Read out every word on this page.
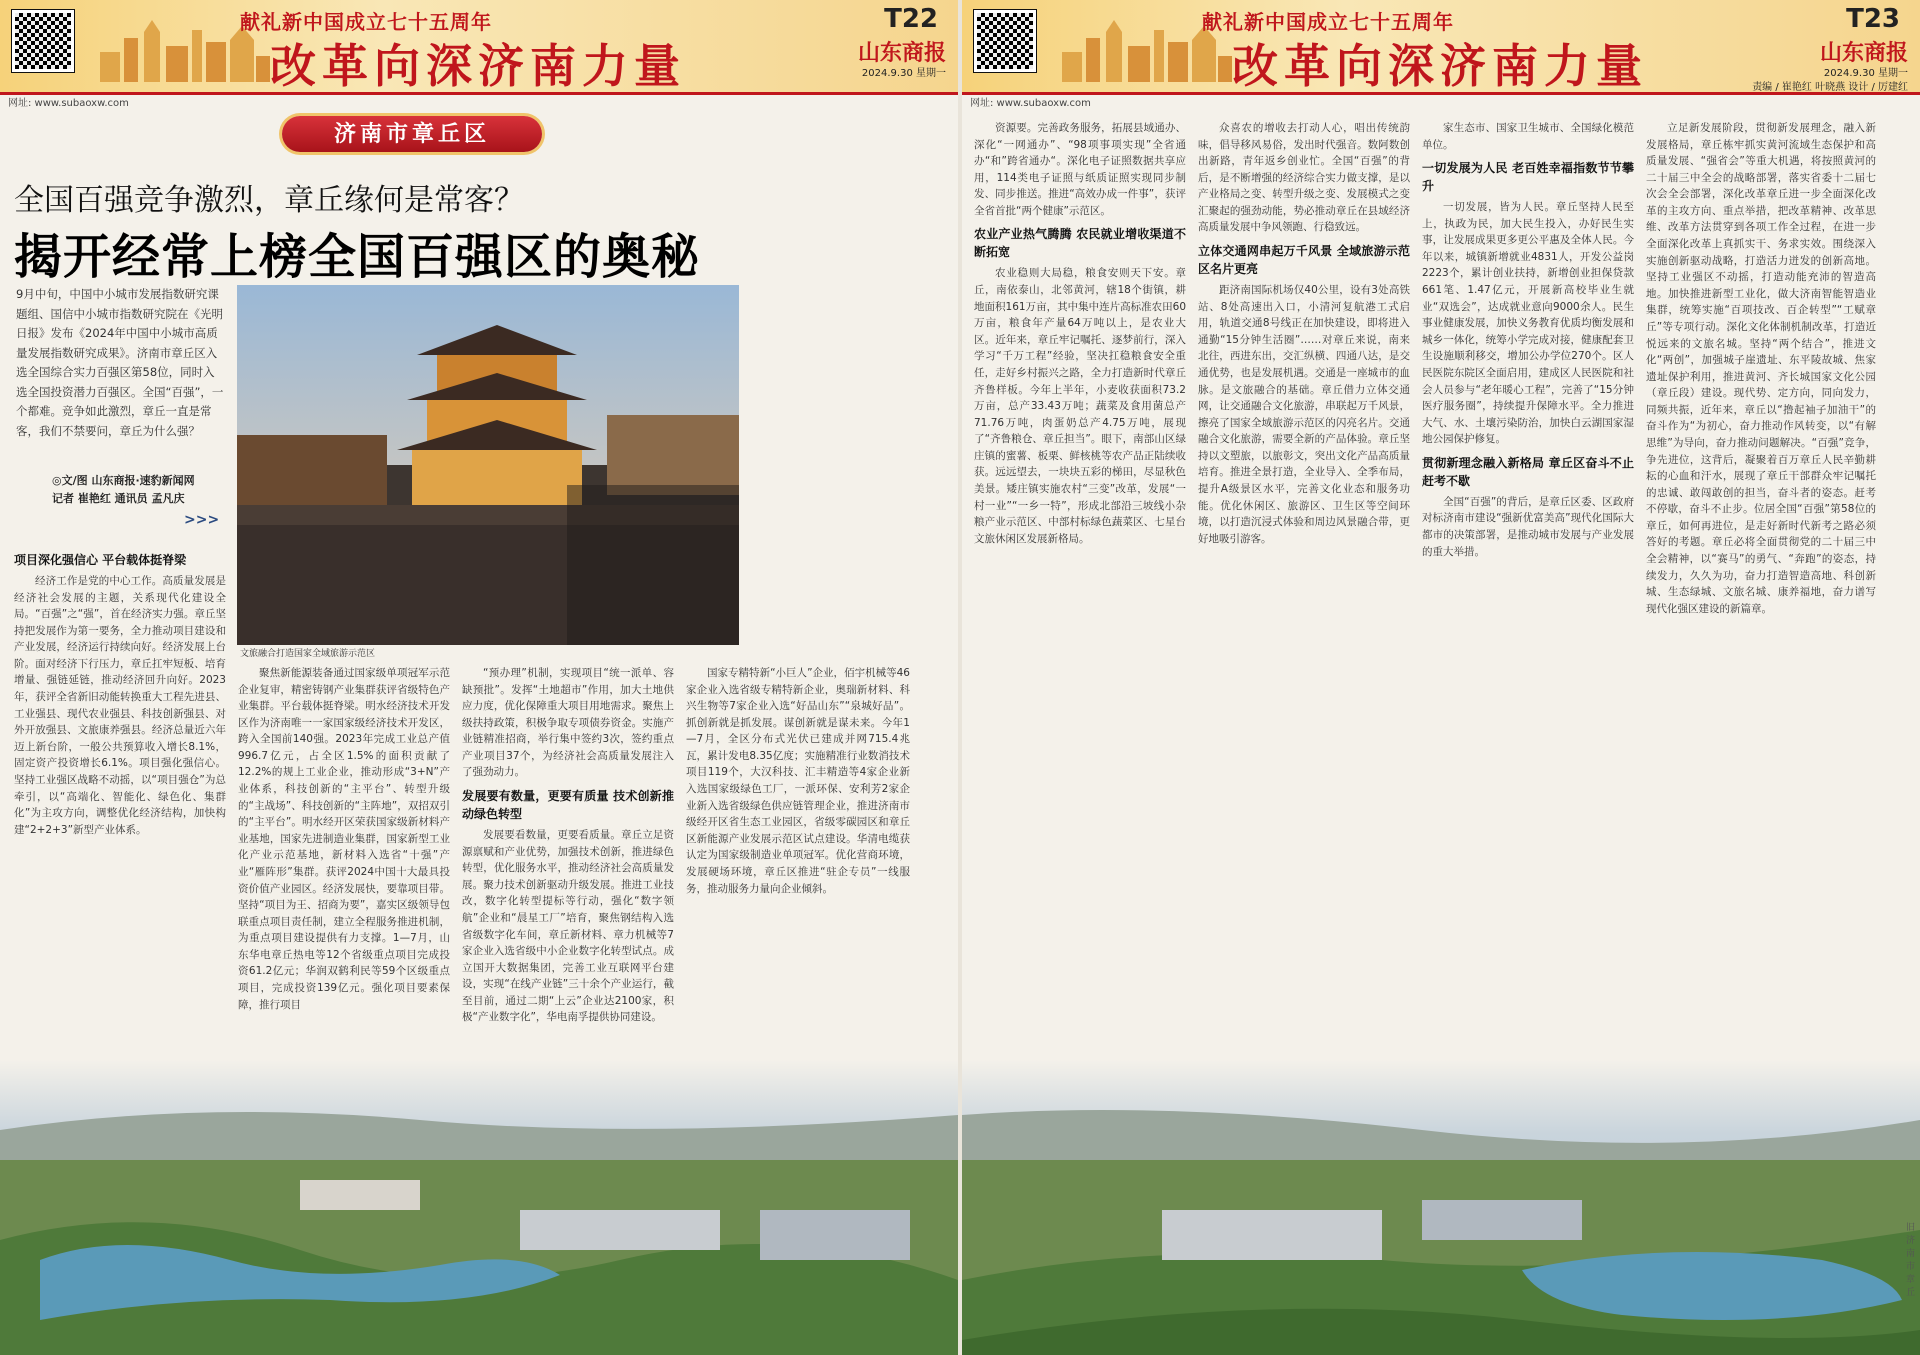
献礼新中国成立七十五周年
改革向深济南力量
T22
山东商报
2024.9.30 星期一
网址: www.subaoxw.com
济南市章丘区
全国百强竞争激烈，章丘缘何是常客？
揭开经常上榜全国百强区的奥秘
9月中旬，中国中小城市发展指数研究课题组、国信中小城市指数研究院在《光明日报》发布《2024年中国中小城市高质量发展指数研究成果》。济南市章丘区入选全国综合实力百强区第58位，同时入选全国投资潜力百强区。全国“百强”，一个都难。竞争如此激烈，章丘一直是常客，我们不禁要问，章丘为什么强？
◎文/图 山东商报·速豹新闻网
记者 崔艳红 通讯员 孟凡庆
>>>
文旅融合打造国家全域旅游示范区
项目深化强信心 平台载体挺脊梁

经济工作是党的中心工作。高质量发展是经济社会发展的主题，关系现代化建设全局。“百强”之“强”，首在经济实力强。章丘坚持把发展作为第一要务，全力推动项目建设和产业发展，经济运行持续向好。经济发展上台阶。面对经济下行压力，章丘扛牢短板、培育增量、强链延链，推动经济回升向好。2023年，获评全省新旧动能转换重大工程先进县、工业强县、现代农业强县、科技创新强县、对外开放强县、文旅康养强县。经济总量近六年迈上新台阶，一般公共预算收入增长8.1%，固定资产投资增长6.1%。项目强化强信心。坚持工业强区战略不动摇，以“项目强仓”为总牵引，以“高端化、智能化、绿色化、集群化”为主攻方向，调整优化经济结构，加快构建“2+2+3”新型产业体系。

聚焦新能源装备通过国家级单项冠军示范企业复审，精密铸钢产业集群获评省级特色产业集群。平台载体挺脊梁。明水经济技术开发区作为济南唯一一家国家级经济技术开发区，跨入全国前140强。2023年完成工业总产值996.7亿元，占全区1.5%的面积贡献了12.2%的规上工业企业，推动形成“3+N”产业体系，科技创新的“主平台”、转型升级的“主战场”、科技创新的“主阵地”，双招双引的“主平台”。明水经开区荣获国家级新材料产业基地，国家先进制造业集群，国家新型工业化产业示范基地，新材料入选省“十强”产业“雁阵形”集群。获评2024中国十大最具投资价值产业园区。经济发展快，要靠项目带。坚持“项目为王、招商为要”，嘉实区级领导包联重点项目责任制，建立全程服务推进机制，为重点项目建设提供有力支撑。1—7月，山东华电章丘热电等12个省级重点项目完成投资61.2亿元；华润双鹤利民等59个区级重点项目，完成投资139亿元。强化项目要素保障，推行项目

“预办理”机制，实现项目“统一派单、容缺预批”。发挥“土地超市”作用，加大土地供应力度，优化保障重大项目用地需求。聚焦上级扶持政策，积极争取专项债券资金。实施产业链精准招商，举行集中签约3次，签约重点产业项目37个，为经济社会高质量发展注入了强劲动力。

发展要有数量，更要有质量 技术创新推动绿色转型

发展要看数量，更要看质量。章丘立足资源禀赋和产业优势，加强技术创新，推进绿色转型，优化服务水平，推动经济社会高质量发展。聚力技术创新驱动升级发展。推进工业技改，数字化转型提标等行动，强化“数字领航”企业和“晨星工厂”培育，聚焦钢结构入选省级数字化车间，章丘新材料、章力机械等7家企业入选省级中小企业数字化转型试点。成立国开大数据集团，完善工业互联网平台建设，实现“在线产业链”三十余个产业运行，截至目前，通过二期“上云”企业达2100家，积极“产业数字化”，华电南孚提供协同建设。

国家专精特新“小巨人”企业，佰宇机械等46家企业入选省级专精特新企业，奥瑞新材料、科兴生物等7家企业入选“好品山东”“泉城好品”。抓创新就是抓发展。谋创新就是谋未来。今年1—7月，全区分布式光伏已建成并网715.4兆瓦，累计发电8.35亿度；实施精准行业数消技术项目119个，大汉科技、汇丰精造等4家企业新入选国家级绿色工厂，一派环保、安利芳2家企业新入选省级绿色供应链管理企业，推进济南市级经开区省生态工业园区，省级零碳园区和章丘区新能源产业发展示范区试点建设。华清电缆获认定为国家级制造业单项冠军。优化营商环境，发展硬场环境，章丘区推进“驻企专员”一线服务，推动服务力量向企业倾斜。

献礼新中国成立七十五周年
改革向深济南力量
T23
山东商报
2024.9.30 星期一
责编 / 崔艳红 叶晓燕 设计 / 厉建红
网址: www.subaoxw.com

资源要。完善政务服务，拓展县域通办、深化“一网通办”、“98项事项实现”全省通办“和”跨省通办“。深化电子证照数据共享应用，114类电子证照与纸质证照实现同步制发、同步推送。推进“高效办成一件事”，获评全省首批“两个健康”示范区。

农业产业热气腾腾 农民就业增收渠道不断拓宽

农业稳则大局稳，粮食安则天下安。章丘，南依泰山，北邻黄河，辖18个街镇，耕地面积161万亩，其中集中连片高标准农田60万亩，粮食年产量64万吨以上，是农业大区。近年来，章丘牢记嘱托、逐梦前行，深入学习“千万工程”经验，坚决扛稳粮食安全重任，走好乡村振兴之路，全力打造新时代章丘齐鲁样板。今年上半年，小麦收获面积73.2万亩，总产33.43万吨；蔬菜及食用菌总产71.76万吨，肉蛋奶总产4.75万吨，展现了“齐鲁粮仓、章丘担当”。眼下，南部山区绿庄镇的蜜薯、板栗、鲜核桃等农产品正陆续收获。远远望去，一块块五彩的梯田，尽显秋色美景。矮庄镇实施农村“三变”改革，发展“一村一业”“一乡一特”，形成北部沿三坡线小杂粮产业示范区、中部村标绿色蔬菜区、七星台文旅休闲区发展新格局。

众喜农的增收去打动人心，唱出传统韵味，倡导移风易俗，发出时代强音。数阿数创出新路，青年返乡创业忙。全国“百强”的背后，是不断增强的经济综合实力做支撑，是以产业格局之变、转型升级之变、发展模式之变汇聚起的强劲动能，势必推动章丘在县域经济高质量发展中争风领跑、行稳致远。

立体交通网串起万千风景 全域旅游示范区名片更亮

距济南国际机场仅40公里，设有3处高铁站、8处高速出入口，小清河复航港工式启用，轨道交通8号线正在加快建设，即将进入通勤“15分钟生活圈”……对章丘来说，南来北往，西进东出，交汇纵横、四通八达，是交通优势，也是发展机遇。交通是一座城市的血脉。是文旅融合的基础。章丘借力立体交通网，让交通融合文化旅游，串联起万千风景，擦亮了国家全域旅游示范区的闪亮名片。交通融合文化旅游，需要全新的产品体验。章丘坚持以文塑旅，以旅彰文，突出文化产品高质量培育。推进全景打造，全业导入、全季布局，提升A级景区水平，完善文化业态和服务功能。优化休闲区、旅游区、卫生区等空间环境，以打造沉浸式体验和周边风景融合带，更好地吸引游客。

家生态市、国家卫生城市、全国绿化模范单位。

一切发展为人民 老百姓幸福指数节节攀升

一切发展，皆为人民。章丘坚持人民至上，执政为民，加大民生投入，办好民生实事，让发展成果更多更公平惠及全体人民。今年以来，城镇新增就业4831人，开发公益岗2223个，累计创业扶持，新增创业担保贷款661笔、1.47亿元，开展新高校毕业生就业“双选会”，达成就业意向9000余人。民生事业健康发展，加快义务教育优质均衡发展和城乡一体化，统筹小学完成对接，健康配套卫生设施顺利移交，增加公办学位270个。区人民医院东院区全面启用，建成区人民医院和社会人员参与“老年暖心工程”，完善了“15分钟医疗服务圈”，持续提升保障水平。全力推进大气、水、土壤污染防治，加快白云湖国家湿地公园保护修复。

贯彻新理念融入新格局 章丘区奋斗不止赶考不歇

全国“百强”的背后，是章丘区委、区政府对标济南市建设“强新优富美高”现代化国际大都市的决策部署，是推动城市发展与产业发展的重大举措。

立足新发展阶段，贯彻新发展理念，融入新发展格局，章丘栋牢抓实黄河流域生态保护和高质量发展、“强省会”等重大机遇，将按照黄河的二十届三中全会的战略部署，落实省委十二届七次会全会部署，深化改革章丘进一步全面深化改革的主攻方向、重点举措，把改革精神、改革思维、改革方法贯穿到各项工作全过程，在进一步全面深化改革上真抓实干、务求实效。围绕深入实施创新驱动战略，打造活力迸发的创新高地。坚持工业强区不动摇，打造动能充沛的智造高地。加快推进新型工业化，做大济南智能智造业集群，统筹实施“百项技改、百企转型”“工赋章丘”等专项行动。深化文化体制机制改革，打造近悦远来的文旅名城。坚持“两个结合”，推进文化“两创”，加强城子崖遗址、东平陵故城、焦家遗址保护利用，推进黄河、齐长城国家文化公园（章丘段）建设。现代势、定方向，同向发力，同频共振，近年来，章丘以“撸起袖子加油干”的奋斗作为“为初心，奋力推动作风转变，以“有解思维”为导向，奋力推动问题解决。“百强”竞争，争先进位，这背后，凝聚着百万章丘人民辛勤耕耘的心血和汗水，展现了章丘干部群众牢记嘱托的忠诚、敢闯敢创的担当，奋斗者的姿态。赶考不停歇，奋斗不止步。位居全国“百强”第58位的章丘，如何再进位，是走好新时代新考之路必须答好的考题。章丘必将全面贯彻党的二十届三中全会精神，以“赛马”的勇气、“奔跑”的姿态，持续发力，久久为功，奋力打造智造高地、科创新城、生态绿城、文旅名城、康养福地，奋力谱写现代化强区建设的新篇章。

旧济南市章丘
